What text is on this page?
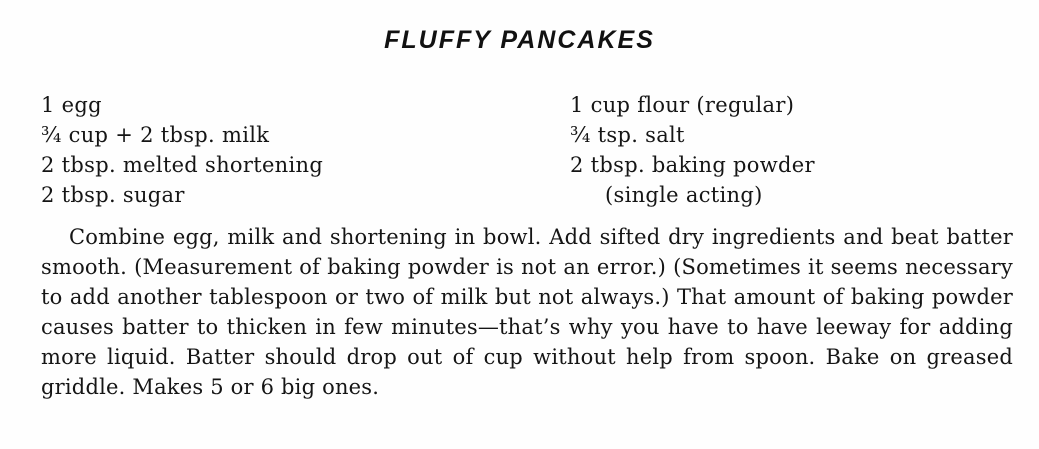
FLUFFY PANCAKES
1 egg
¾ cup + 2 tbsp. milk
2 tbsp. melted shortening
2 tbsp. sugar
1 cup flour (regular)
¾ tsp. salt
2 tbsp. baking powder
(single acting)
Combine egg, milk and shortening in bowl. Add sifted dry ingredients and beat batter smooth. (Measurement of baking powder is not an error.) (Sometimes it seems necessary to add another tablespoon or two of milk but not always.) That amount of baking powder causes batter to thicken in few minutes—that’s why you have to have leeway for adding more liquid. Batter should drop out of cup without help from spoon. Bake on greased griddle. Makes 5 or 6 big ones.
